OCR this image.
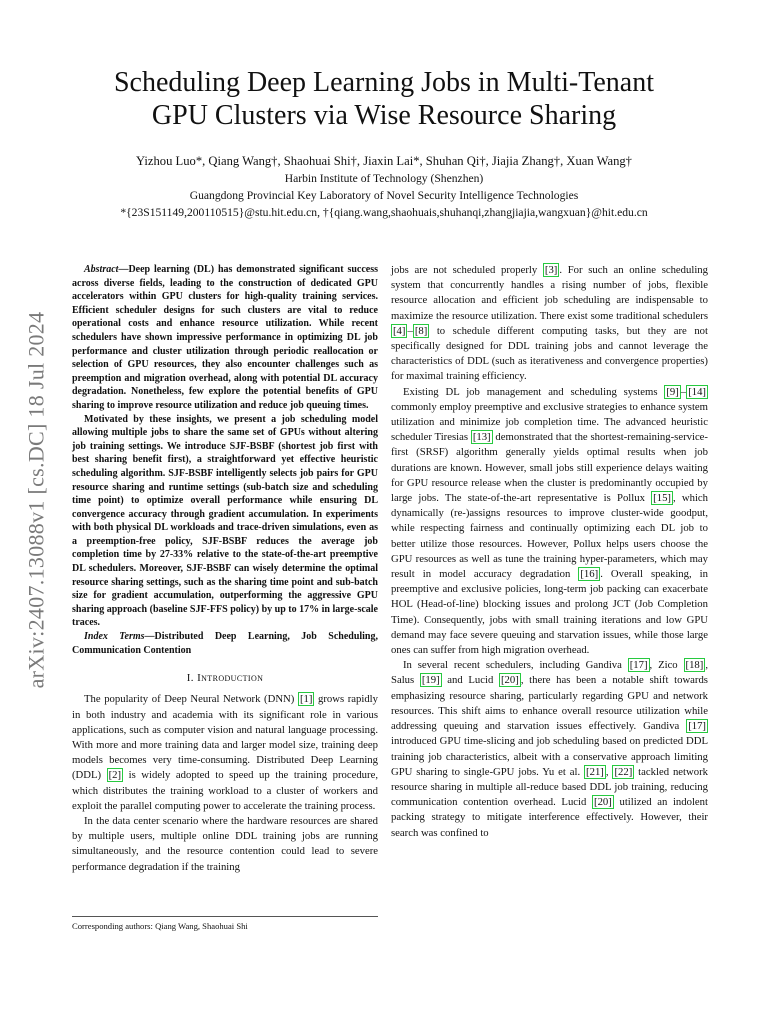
arXiv:2407.13088v1 [cs.DC] 18 Jul 2024
Scheduling Deep Learning Jobs in Multi-Tenant
GPU Clusters via Wise Resource Sharing
Yizhou Luo*, Qiang Wang†, Shaohuai Shi†, Jiaxin Lai*, Shuhan Qi†, Jiajia Zhang†, Xuan Wang†
Harbin Institute of Technology (Shenzhen)
Guangdong Provincial Key Laboratory of Novel Security Intelligence Technologies
*{23S151149,200110515}@stu.hit.edu.cn, †{qiang.wang,shaohuais,shuhanqi,zhangjiajia,wangxuan}@hit.edu.cn

Abstract—Deep learning (DL) has demonstrated significant success across diverse fields, leading to the construction of dedicated GPU accelerators within GPU clusters for high-quality training services. Efficient scheduler designs for such clusters are vital to reduce operational costs and enhance resource utilization. While recent schedulers have shown impressive performance in optimizing DL job performance and cluster utilization through periodic reallocation or selection of GPU resources, they also encounter challenges such as preemption and migration overhead, along with potential DL accuracy degradation. Nonetheless, few explore the potential benefits of GPU sharing to improve resource utilization and reduce job queuing times.

Motivated by these insights, we present a job scheduling model allowing multiple jobs to share the same set of GPUs without altering job training settings. We introduce SJF-BSBF (shortest job first with best sharing benefit first), a straightforward yet effective heuristic scheduling algorithm. SJF-BSBF intelligently selects job pairs for GPU resource sharing and runtime settings (sub-batch size and scheduling time point) to optimize overall performance while ensuring DL convergence accuracy through gradient accumulation. In experiments with both physical DL workloads and trace-driven simulations, even as a preemption-free policy, SJF-BSBF reduces the average job completion time by 27-33% relative to the state-of-the-art preemptive DL schedulers. Moreover, SJF-BSBF can wisely determine the optimal resource sharing settings, such as the sharing time point and sub-batch size for gradient accumulation, outperforming the aggressive GPU sharing approach (baseline SJF-FFS policy) by up to 17% in large-scale traces.

Index Terms—Distributed Deep Learning, Job Scheduling, Communication Contention

I. Introduction

The popularity of Deep Neural Network (DNN) [1] grows rapidly in both industry and academia with its significant role in various applications, such as computer vision and natural language processing. With more and more training data and larger model size, training deep models becomes very time-consuming. Distributed Deep Learning (DDL) [2] is widely adopted to speed up the training procedure, which distributes the training workload to a cluster of workers and exploit the parallel computing power to accelerate the training process.

In the data center scenario where the hardware resources are shared by multiple users, multiple online DDL training jobs are running simultaneously, and the resource contention could lead to severe performance degradation if the training

jobs are not scheduled properly [3] . For such an online scheduling system that concurrently handles a rising number of jobs, flexible resource allocation and efficient job scheduling are indispensable to maximize the resource utilization. There exist some traditional schedulers [4] – [8] to schedule different computing tasks, but they are not specifically designed for DDL training jobs and cannot leverage the characteristics of DDL (such as iterativeness and convergence properties) for maximal training efficiency.

Existing DL job management and scheduling systems [9] – [14] commonly employ preemptive and exclusive strategies to enhance system utilization and minimize job completion time. The advanced heuristic scheduler Tiresias [13] demonstrated that the shortest-remaining-service-first (SRSF) algorithm generally yields optimal results when job durations are known. However, small jobs still experience delays waiting for GPU resource release when the cluster is predominantly occupied by large jobs. The state-of-the-art representative is Pollux [15] , which dynamically (re-)assigns resources to improve cluster-wide goodput, while respecting fairness and continually optimizing each DL job to better utilize those resources. However, Pollux helps users choose the GPU resources as well as tune the training hyper-parameters, which may result in model accuracy degradation [16] . Overall speaking, in preemptive and exclusive policies, long-term job packing can exacerbate HOL (Head-of-line) blocking issues and prolong JCT (Job Completion Time). Consequently, jobs with small training iterations and low GPU demand may face severe queuing and starvation issues, while those large ones can suffer from high migration overhead.

In several recent schedulers, including Gandiva [17] , Zico [18] , Salus [19] and Lucid [20] , there has been a notable shift towards emphasizing resource sharing, particularly regarding GPU and network resources. This shift aims to enhance overall resource utilization while addressing queuing and starvation issues effectively. Gandiva [17] introduced GPU time-slicing and job scheduling based on predicted DDL training job characteristics, albeit with a conservative approach limiting GPU sharing to single-GPU jobs. Yu et al. [21] , [22] tackled network resource sharing in multiple all-reduce based DDL job training, reducing communication contention overhead. Lucid [20] utilized an indolent packing strategy to mitigate interference effectively. However, their search was confined to

Corresponding authors: Qiang Wang, Shaohuai Shi
